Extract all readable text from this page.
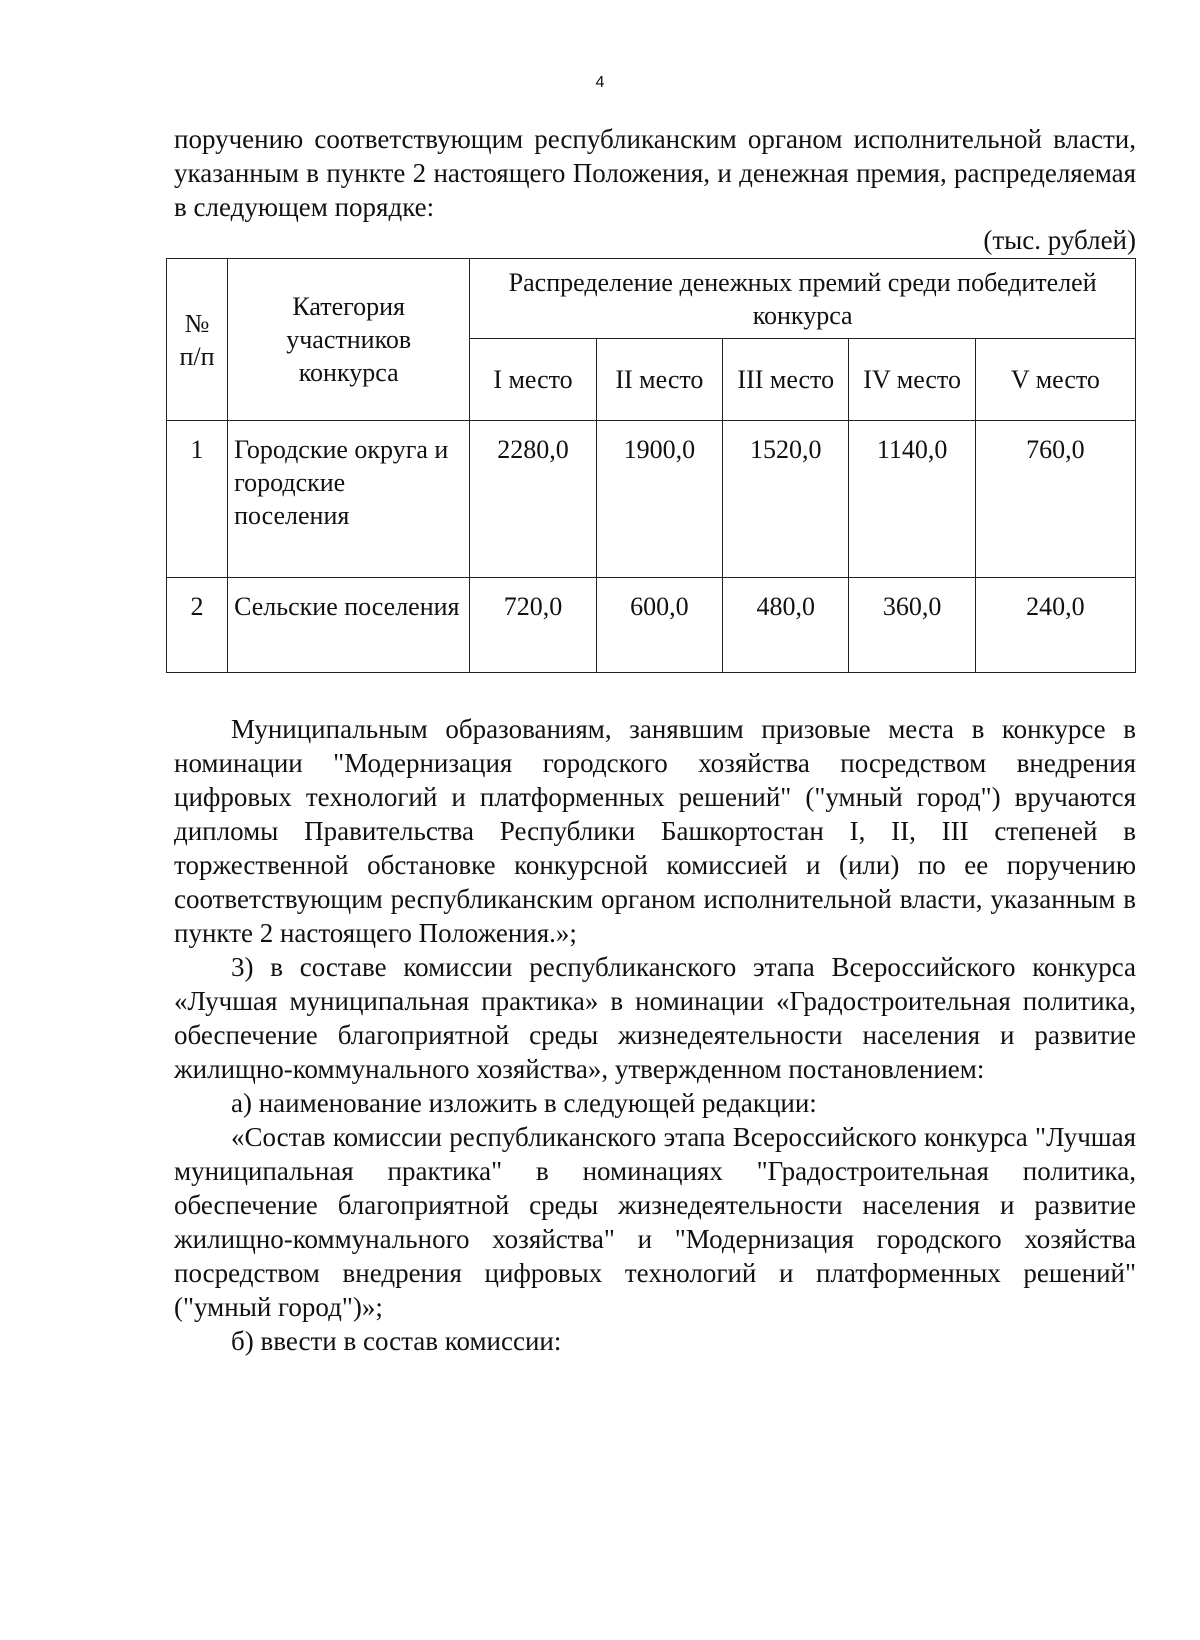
4

поручению соответствующим республиканским органом исполнительной власти, указанным в пункте 2 настоящего Положения, и денежная премия, распределяемая в следующем порядке:

(тыс. рублей)

№ п/п	Категория участников конкурса	Распределение денежных премий среди победителей конкурса				
		I место	II место	III место	IV место	V место
1	Городские округа и городские поселения	2280,0	1900,0	1520,0	1140,0	760,0
2	Сельские поселения	720,0	600,0	480,0	360,0	240,0

Муниципальным образованиям, занявшим призовые места в конкурсе в номинации "Модернизация городского хозяйства посредством внедрения цифровых технологий и платформенных решений" ("умный город") вручаются дипломы Правительства Республики Башкортостан I, II, III степеней в торжественной обстановке конкурсной комиссией и (или) по ее поручению соответствующим республиканским органом исполнительной власти, указанным в пункте 2 настоящего Положения.»;

3) в составе комиссии республиканского этапа Всероссийского конкурса «Лучшая муниципальная практика» в номинации «Градостроительная политика, обеспечение благоприятной среды жизнедеятельности населения и развитие жилищно-коммунального хозяйства», утвержденном постановлением:

а) наименование изложить в следующей редакции:

«Состав комиссии республиканского этапа Всероссийского конкурса "Лучшая муниципальная практика" в номинациях "Градостроительная политика, обеспечение благоприятной среды жизнедеятельности населения и развитие жилищно-коммунального хозяйства" и "Модернизация городского хозяйства посредством внедрения цифровых технологий и платформенных решений" ("умный город")»;

б) ввести в состав комиссии:
